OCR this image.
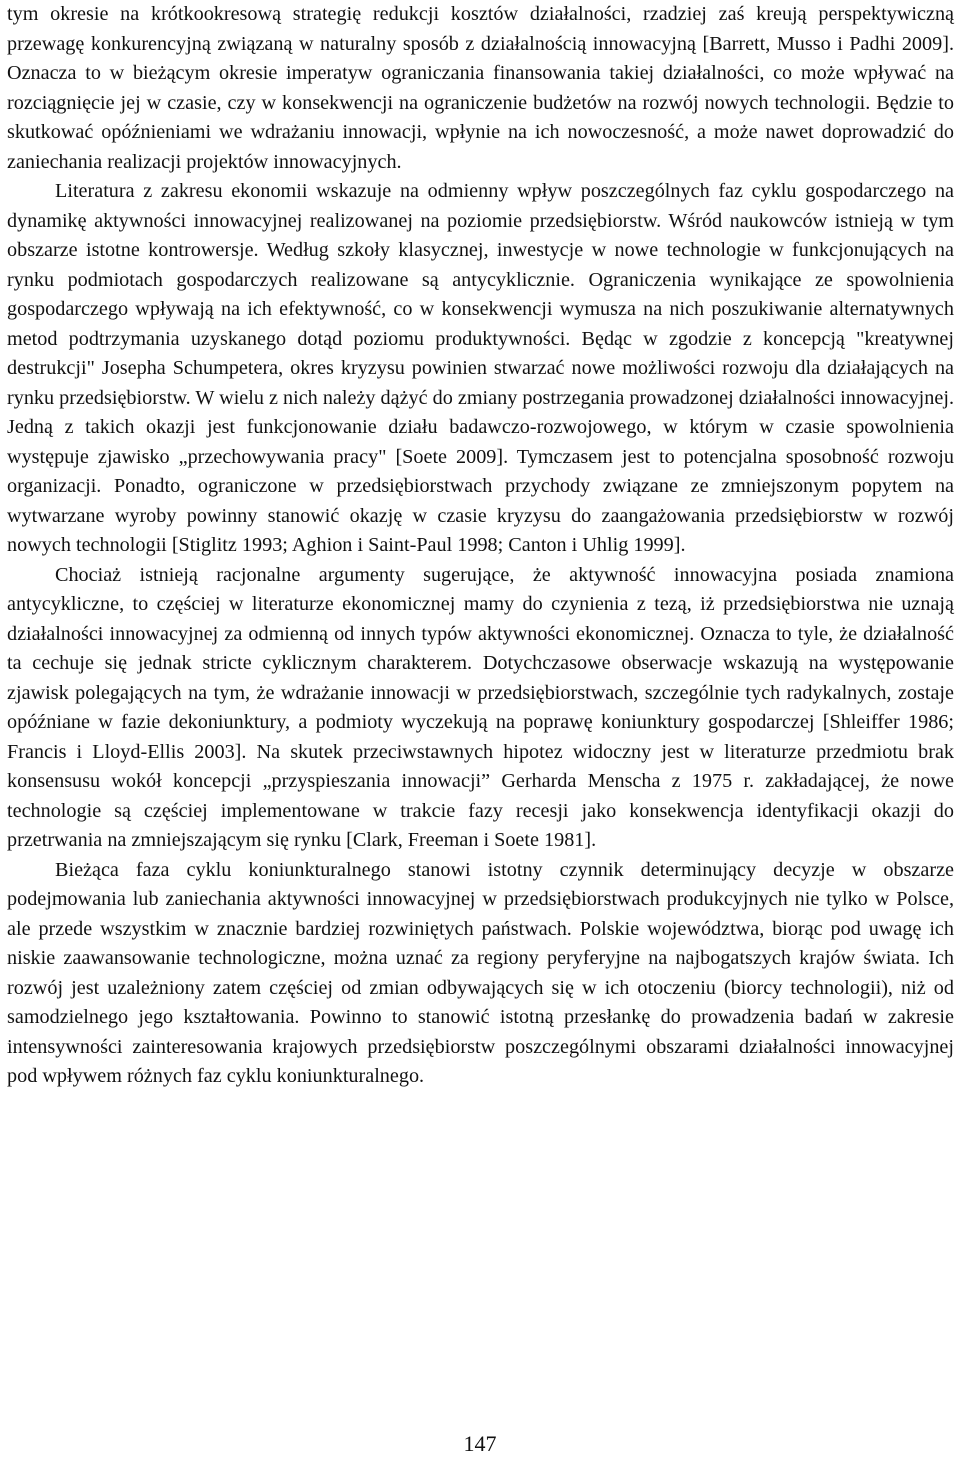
tym okresie na krótkookresową strategię redukcji kosztów działalności, rzadziej zaś kreują perspektywiczną przewagę konkurencyjną związaną w naturalny sposób z działalnością innowacyjną [Barrett, Musso i Padhi 2009]. Oznacza to w bieżącym okresie imperatyw ograniczania finansowania takiej działalności, co może wpływać na rozciągnięcie jej w czasie, czy w konsekwencji na ograniczenie budżetów na rozwój nowych technologii. Będzie to skutkować opóźnieniami we wdrażaniu innowacji, wpłynie na ich nowoczesność, a może nawet doprowadzić do zaniechania realizacji projektów innowacyjnych.

Literatura z zakresu ekonomii wskazuje na odmienny wpływ poszczególnych faz cyklu gospodarczego na dynamikę aktywności innowacyjnej realizowanej na poziomie przedsiębiorstw. Wśród naukowców istnieją w tym obszarze istotne kontrowersje. Według szkoły klasycznej, inwestycje w nowe technologie w funkcjonujących na rynku podmiotach gospodarczych realizowane są antycyklicznie. Ograniczenia wynikające ze spowolnienia gospodarczego wpływają na ich efektywność, co w konsekwencji wymusza na nich poszukiwanie alternatywnych metod podtrzymania uzyskanego dotąd poziomu produktywności. Będąc w zgodzie z koncepcją "kreatywnej destrukcji" Josepha Schumpetera, okres kryzysu powinien stwarzać nowe możliwości rozwoju dla działających na rynku przedsiębiorstw. W wielu z nich należy dążyć do zmiany postrzegania prowadzonej działalności innowacyjnej. Jedną z takich okazji jest funkcjonowanie działu badawczo-rozwojowego, w którym w czasie spowolnienia występuje zjawisko „przechowywania pracy" [Soete 2009]. Tymczasem jest to potencjalna sposobność rozwoju organizacji. Ponadto, ograniczone w przedsiębiorstwach przychody związane ze zmniejszonym popytem na wytwarzane wyroby powinny stanowić okazję w czasie kryzysu do zaangażowania przedsiębiorstw w rozwój nowych technologii [Stiglitz 1993; Aghion i Saint-Paul 1998; Canton i Uhlig 1999].

Chociaż istnieją racjonalne argumenty sugerujące, że aktywność innowacyjna posiada znamiona antycykliczne, to częściej w literaturze ekonomicznej mamy do czynienia z tezą, iż przedsiębiorstwa nie uznają działalności innowacyjnej za odmienną od innych typów aktywności ekonomicznej. Oznacza to tyle, że działalność ta cechuje się jednak stricte cyklicznym charakterem. Dotychczasowe obserwacje wskazują na występowanie zjawisk polegających na tym, że wdrażanie innowacji w przedsiębiorstwach, szczególnie tych radykalnych, zostaje opóźniane w fazie dekoniunktury, a podmioty wyczekują na poprawę koniunktury gospodarczej [Shleiffer 1986; Francis i Lloyd-Ellis 2003]. Na skutek przeciwstawnych hipotez widoczny jest w literaturze przedmiotu brak konsensusu wokół koncepcji „przyspieszania innowacji” Gerharda Menscha z 1975 r. zakładającej, że nowe technologie są częściej implementowane w trakcie fazy recesji jako konsekwencja identyfikacji okazji do przetrwania na zmniejszającym się rynku [Clark, Freeman i Soete 1981].

Bieżąca faza cyklu koniunkturalnego stanowi istotny czynnik determinujący decyzje w obszarze podejmowania lub zaniechania aktywności innowacyjnej w przedsiębiorstwach produkcyjnych nie tylko w Polsce, ale przede wszystkim w znacznie bardziej rozwiniętych państwach. Polskie województwa, biorąc pod uwagę ich niskie zaawansowanie technologiczne, można uznać za regiony peryferyjne na najbogatszych krajów świata. Ich rozwój jest uzależniony zatem częściej od zmian odbywających się w ich otoczeniu (biorcy technologii), niż od samodzielnego jego kształtowania. Powinno to stanowić istotną przesłankę do prowadzenia badań w zakresie intensywności zainteresowania krajowych przedsiębiorstw poszczególnymi obszarami działalności innowacyjnej pod wpływem różnych faz cyklu koniunkturalnego.

147
